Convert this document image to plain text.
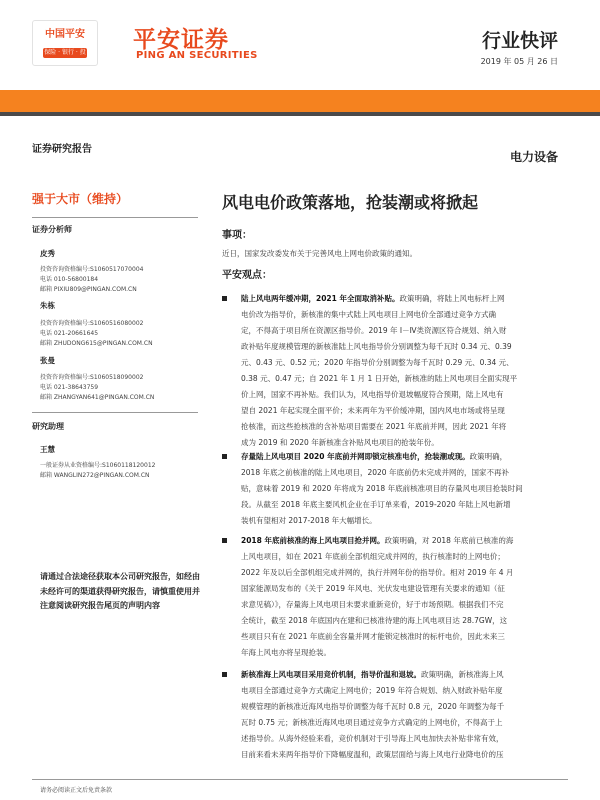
中国平安
保险 · 银行 · 投资
平安证券
PING AN SECURITIES
行业快评
2019 年 05 月 26 日
证券研究报告
强于大市（维持）
证券分析师
皮秀
投资咨询资格编号:S1060517070004
电话 010-56800184
邮箱 PIXIU809@PINGAN.COM.CN
朱栋
投资咨询资格编号:S1060516080002
电话 021-20661645
邮箱 ZHUDONG615@PINGAN.COM.CN
张曼
投资咨询资格编号:S1060518090002
电话 021-38643759
邮箱 ZHANGYAN641@PINGAN.COM.CN
研究助理
王慧
一般证券从业资格编号:S1060118120012
邮箱 WANGLIN272@PINGAN.COM.CN
请通过合法途径获取本公司研究报告，如经由未经许可的渠道获得研究报告，请慎重使用并注意阅读研究报告尾页的声明内容
电力设备
风电电价政策落地，抢装潮或将掀起
事项：
近日，国家发改委发布关于完善风电上网电价政策的通知。
平安观点：
陆上风电两年缓冲期，2021 年全面取消补贴。政策明确，将陆上风电标杆上网
电价改为指导价，新核准的集中式陆上风电项目上网电价全部通过竞争方式确
定，不得高于项目所在资源区指导价。2019 年 I－Ⅳ类资源区符合规划、纳入财
政补贴年度规模管理的新核准陆上风电指导价分别调整为每千瓦时 0.34 元、0.39
元、0.43 元、0.52 元；2020 年指导价分别调整为每千瓦时 0.29 元、0.34 元、
0.38 元、0.47 元；自 2021 年 1 月 1 日开始，新核准的陆上风电项目全面实现平
价上网，国家不再补贴。我们认为，风电指导价退坡幅度符合预期，陆上风电有
望自 2021 年起实现全面平价；未来两年为平价缓冲期，国内风电市场或将呈现
抢核准，而这些抢核准的含补贴项目需要在 2021 年底前并网，因此 2021 年将
成为 2019 和 2020 年新核准含补贴风电项目的抢装年份。
存量陆上风电项目 2020 年底前并网即锁定核准电价，抢装潮或现。政策明确，
2018 年底之前核准的陆上风电项目，2020 年底前仍未完成并网的，国家不再补
贴，意味着 2019 和 2020 年将成为 2018 年底前核准项目的存量风电项目抢装时间
段。从截至 2018 年底主要风机企业在手订单来看，2019-2020 年陆上风电新增
装机有望相对 2017-2018 年大幅增长。
2018 年底前核准的海上风电项目抢并网。政策明确，对 2018 年底前已核准的海
上风电项目，如在 2021 年底前全部机组完成并网的，执行核准时的上网电价；
2022 年及以后全部机组完成并网的，执行并网年份的指导价。相对 2019 年 4 月
国家能源局发布的《关于 2019 年风电、光伏发电建设管理有关要求的通知（征
求意见稿）》，存量海上风电项目未要求重新竞价，好于市场预期。根据我们不完
全统计，截至 2018 年底国内在建和已核准待建的海上风电项目达 28.7GW，这
些项目只有在 2021 年底前全容量并网才能锁定核准时的标杆电价，因此未来三
年海上风电亦将呈现抢装。
新核准海上风电项目采用竞价机制，指导价温和退坡。政策明确，新核准海上风
电项目全部通过竞争方式确定上网电价；2019 年符合规划、纳入财政补贴年度
规模管理的新核准近海风电指导价调整为每千瓦时 0.8 元，2020 年调整为每千
瓦时 0.75 元；新核准近海风电项目通过竞争方式确定的上网电价，不得高于上
述指导价。从海外经验来看，竞价机制对于引导海上风电加快去补贴非常有效，
目前来看未来两年指导价下降幅度温和，政策层面给与海上风电行业降电价的压
请务必阅读正文后免责条款
